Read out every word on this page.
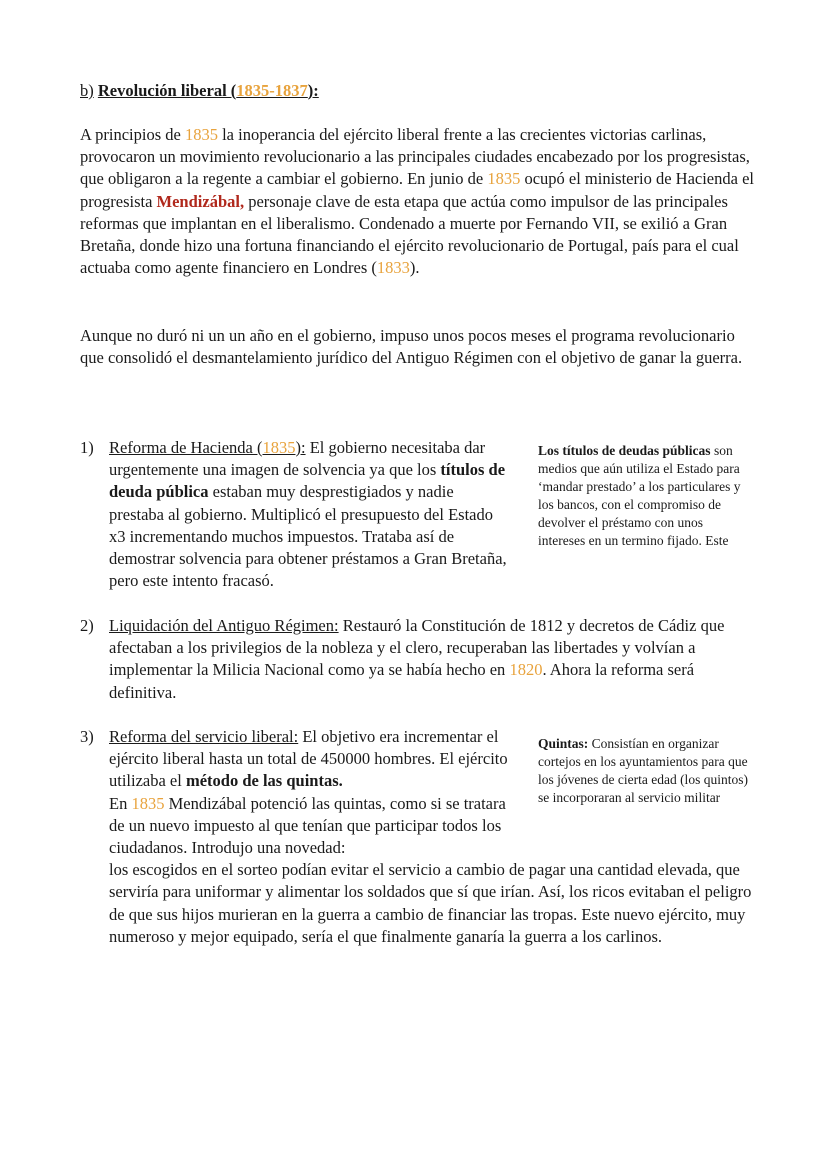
b) Revolución liberal (1835-1837):

A principios de 1835 la inoperancia del ejército liberal frente a las crecientes victorias carlinas, provocaron un movimiento revolucionario a las principales ciudades encabezado por los progresistas, que obligaron a la regente a cambiar el gobierno. En junio de 1835 ocupó el ministerio de Hacienda el progresista Mendizábal, personaje clave de esta etapa que actúa como impulsor de las principales reformas que implantan en el liberalismo. Condenado a muerte por Fernando VII, se exilió a Gran Bretaña, donde hizo una fortuna financiando el ejército revolucionario de Portugal, país para el cual actuaba como agente financiero en Londres (1833).

Aunque no duró ni un un año en el gobierno, impuso unos pocos meses el programa revolucionario que consolidó el desmantelamiento jurídico del Antiguo Régimen con el objetivo de ganar la guerra.

1) Reforma de Hacienda (1835): El gobierno necesitaba dar urgentemente una imagen de solvencia ya que los títulos de deuda pública estaban muy desprestigiados y nadie prestaba al gobierno. Multiplicó el presupuesto del Estado x3 incrementando muchos impuestos. Trataba así de demostrar solvencia para obtener préstamos a Gran Bretaña, pero este intento fracasó.

Los títulos de deudas públicas son medios que aún utiliza el Estado para ‘mandar prestado’ a los particulares y los bancos, con el compromiso de devolver el préstamo con unos intereses en un termino fijado. Este

2) Liquidación del Antiguo Régimen: Restauró la Constitución de 1812 y decretos de Cádiz que afectaban a los privilegios de la nobleza y el clero, recuperaban las libertades y volvían a implementar la Milicia Nacional como ya se había hecho en 1820. Ahora la reforma será definitiva.
3) Reforma del servicio liberal: El objetivo era incrementar el ejército liberal hasta un total de 450000 hombres. El ejército utilizaba el método de las quintas.
En 1835 Mendizábal potenció las quintas, como si se tratara de un nuevo impuesto al que tenían que participar todos los ciudadanos. Introdujo una novedad:
los escogidos en el sorteo podían evitar el servicio a cambio de pagar una cantidad elevada, que serviría para uniformar y alimentar los soldados que sí que irían. Así, los ricos evitaban el peligro de que sus hijos murieran en la guerra a cambio de financiar las tropas. Este nuevo ejército, muy numeroso y mejor equipado, sería el que finalmente ganaría la guerra a los carlinos.

Quintas: Consistían en organizar cortejos en los ayuntamientos para que los jóvenes de cierta edad (los quintos) se incorporaran al servicio militar
